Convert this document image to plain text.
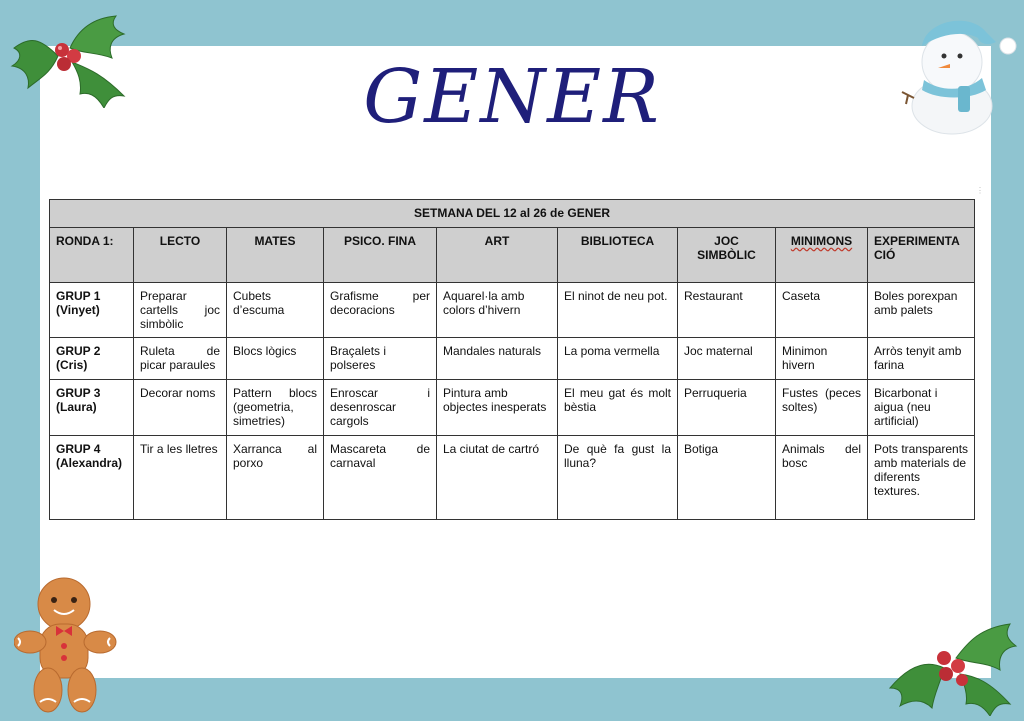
GENER
⋮
SETMANA DEL 12 al 26 de GENER								
RONDA 1:	LECTO	MATES	PSICO. FINA	ART	BIBLIOTECA	JOC SIMBÒLIC	MINIMONS	EXPERIMENTA CIÓ
GRUP 1 (Vinyet)	Preparar cartells joc simbòlic	Cubets d’escuma	Grafisme per decoracions	Aquarel·la amb colors d’hivern	El ninot de neu pot.	Restaurant	Caseta	Boles porexpan amb palets
GRUP 2 (Cris)	Ruleta de picar paraules	Blocs lògics	Braçalets i polseres	Mandales naturals	La poma vermella	Joc maternal	Minimon hivern	Arròs tenyit amb farina
GRUP 3 (Laura)	Decorar noms	Pattern blocs (geometria, simetries)	Enroscar i desenroscar cargols	Pintura amb objectes inesperats	El meu gat és molt bèstia	Perruqueria	Fustes (peces soltes)	Bicarbonat i aigua (neu artificial)
GRUP 4 (Alexandra)	Tir a les lletres	Xarranca al porxo	Mascareta de carnaval	La ciutat de cartró	De què fa gust la lluna?	Botiga	Animals del bosc	Pots transparents amb materials de diferents textures.
